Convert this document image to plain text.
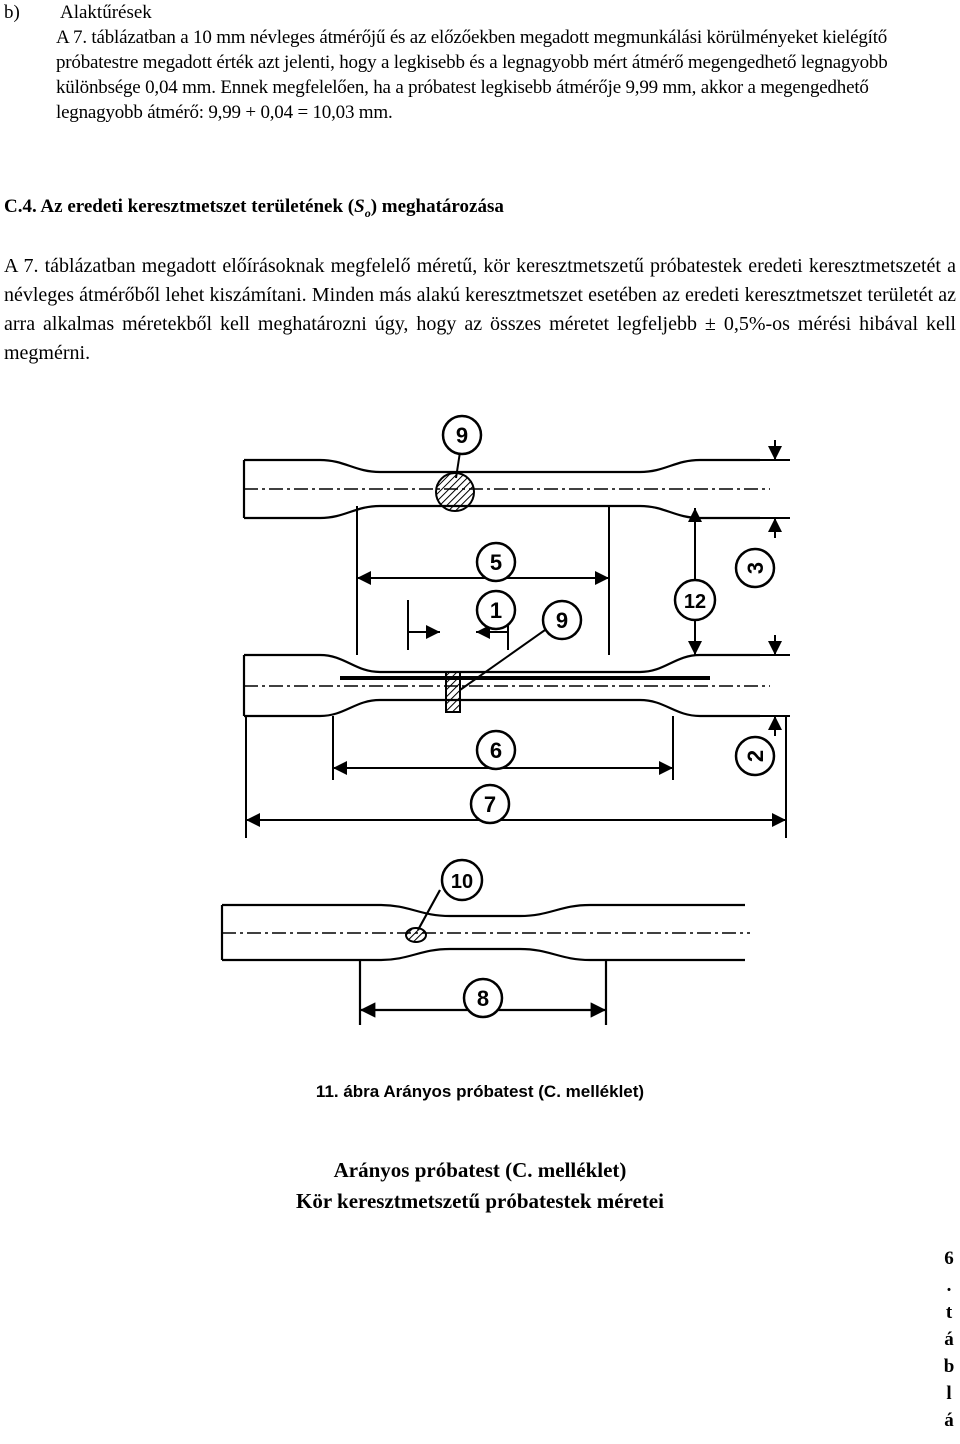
b) Alaktűrések
A 7. táblázatban a 10 mm névleges átmérőjű és az előzőekben megadott megmunkálási körülményeket kielégítő próbatestre megadott érték azt jelenti, hogy a legkisebb és a legnagyobb mért átmérő megengedhető legnagyobb különbsége 0,04 mm. Ennek megfelelően, ha a próbatest legkisebb átmérője 9,99 mm, akkor a megengedhető legnagyobb átmérő: 9,99 + 0,04 = 10,03 mm.
C.4. Az eredeti keresztmetszet területének $(S_o)$ meghatározása
A 7. táblázatban megadott előírásoknak megfelelő méretű, kör keresztmetszetű próbatestek eredeti keresztmetszetét a névleges átmérőből lehet kiszámítani. Minden más alakú keresztmetszet esetében az eredeti keresztmetszet területét az arra alkalmas méretekből kell meghatározni úgy, hogy az összes méretet legfeljebb ± 0,5%-os mérési hibával kell megmérni.
9
5
1 9
12
3
6	2
7
10
8
11. ábra Arányos próbatest (C. melléklet)
Arányos próbatest (C. melléklet)
Kör keresztmetszetű próbatestek méretei
6
.
t
á
b
l
á
